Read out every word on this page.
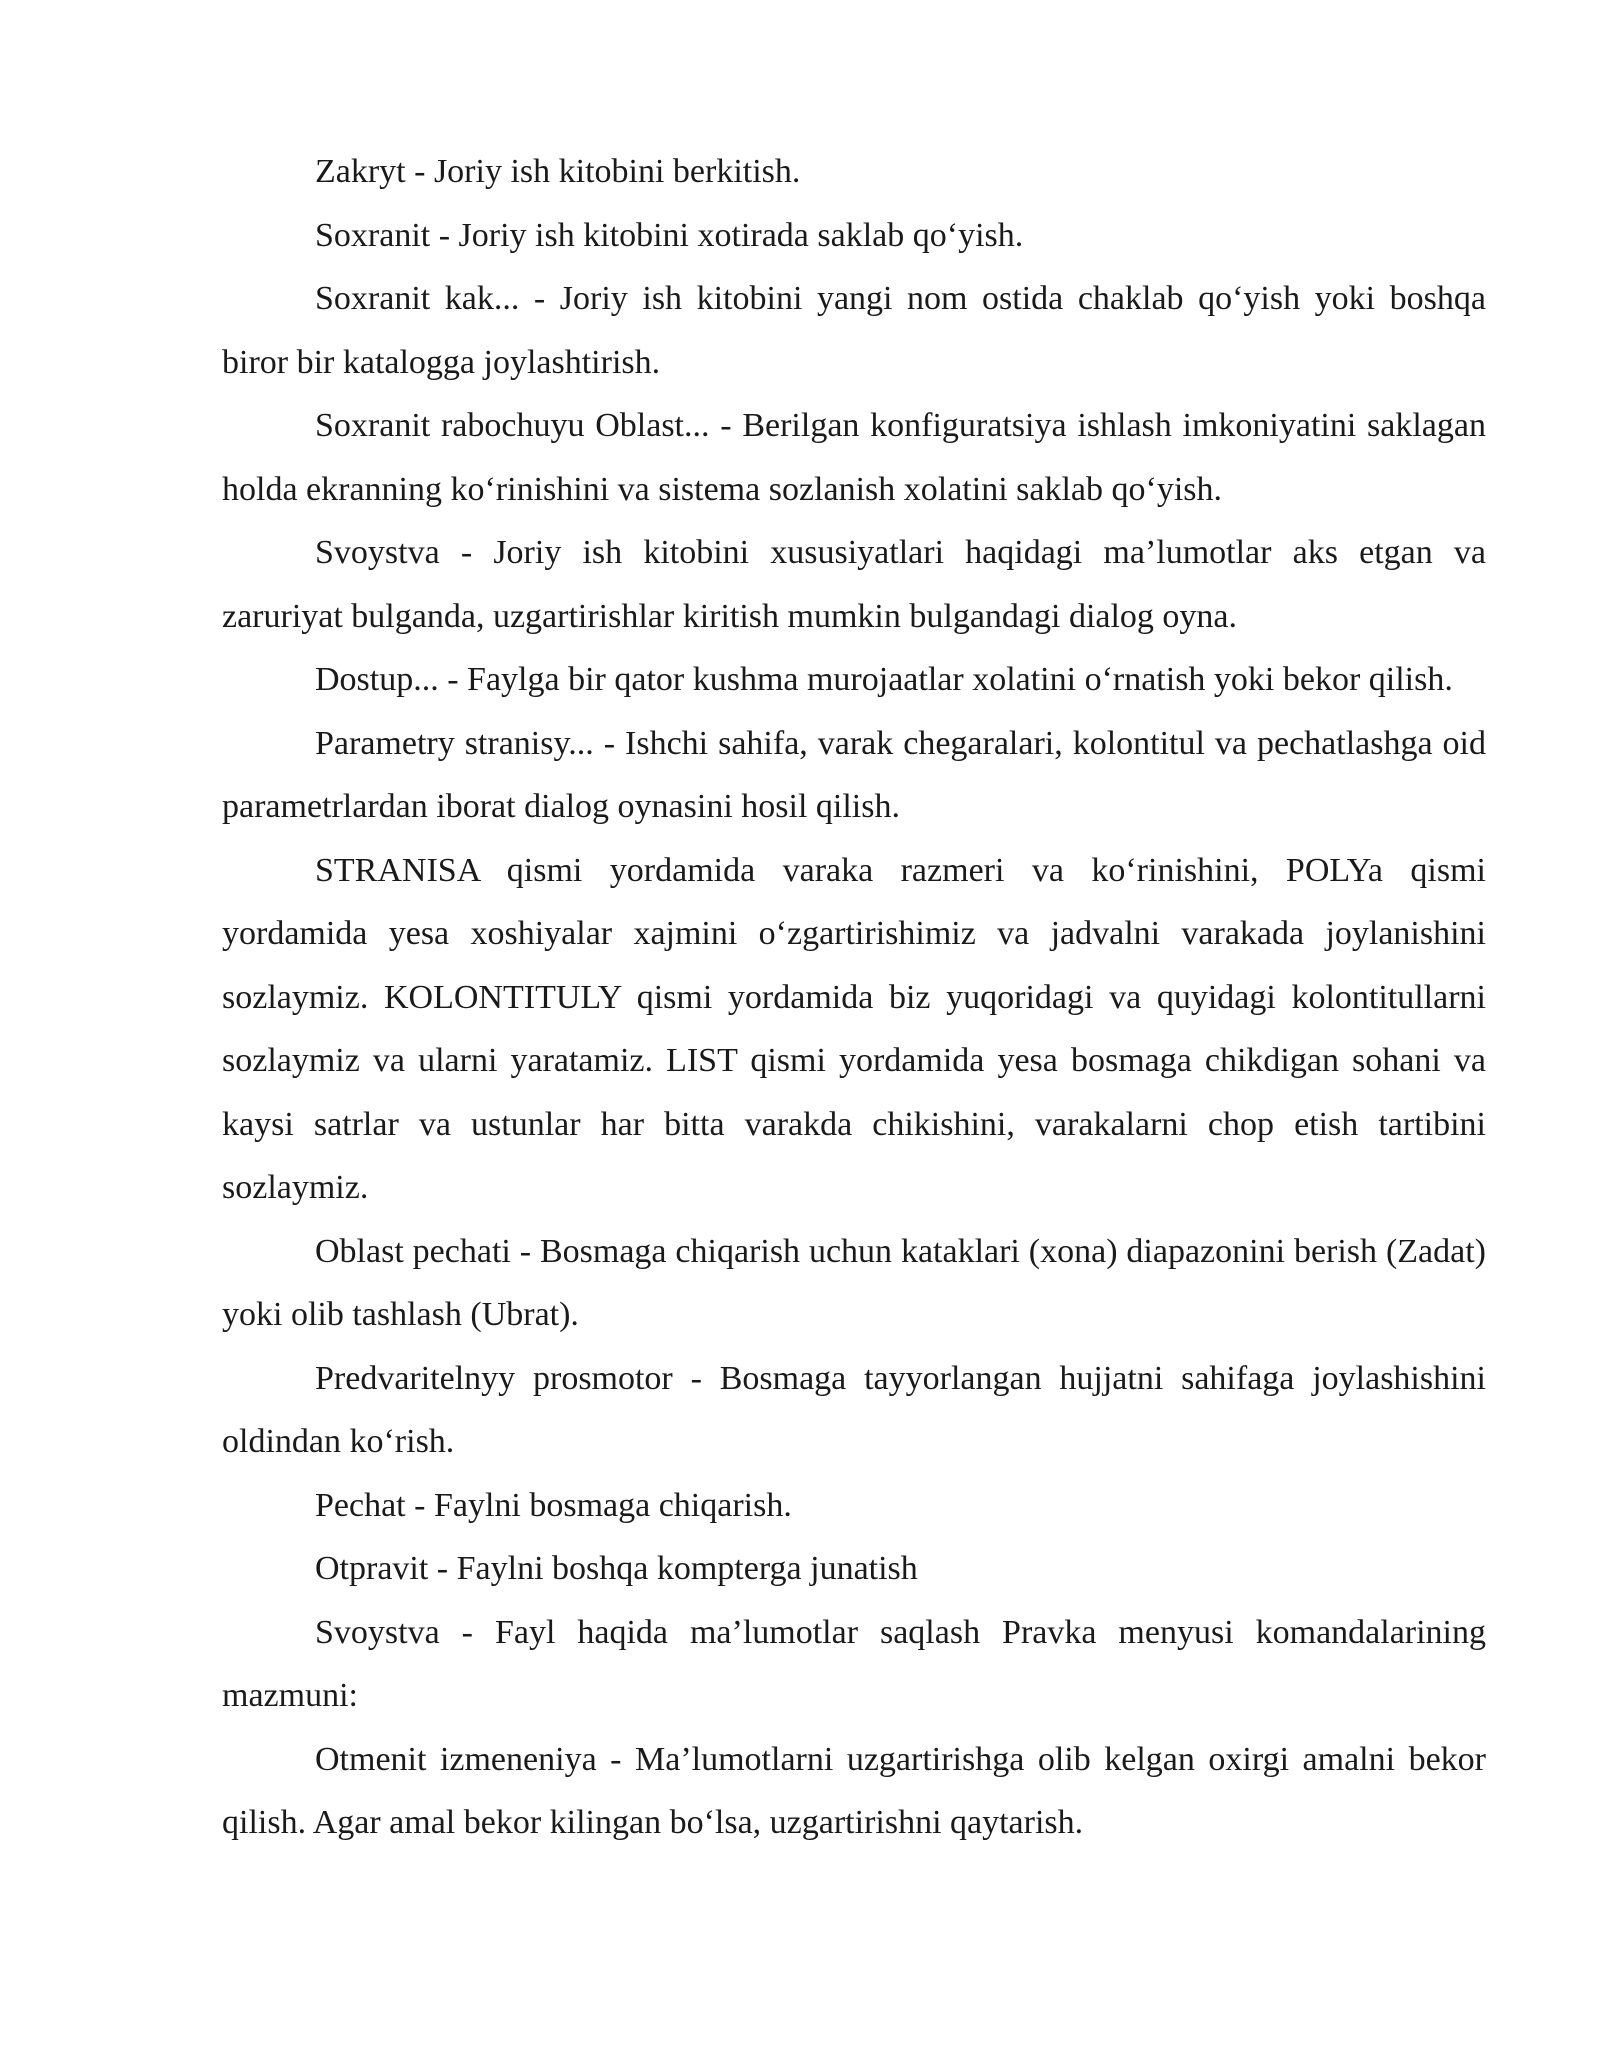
Zakryt - Joriy ish kitobini berkitish.

Soxranit - Joriy ish kitobini xotirada saklab qo‘yish.

Soxranit kak... - Joriy ish kitobini yangi nom ostida chaklab qo‘yish yoki boshqa biror bir katalogga joylashtirish.

Soxranit rabochuyu Oblast... - Berilgan konfiguratsiya ishlash imkoniyatini saklagan holda ekranning ko‘rinishini va sistema sozlanish xolatini saklab qo‘yish.

Svoystva - Joriy ish kitobini xususiyatlari haqidagi ma’lumotlar aks etgan va zaruriyat bulganda, uzgartirishlar kiritish mumkin bulgandagi dialog oyna.

Dostup... - Faylga bir qator kushma murojaatlar xolatini o‘rnatish yoki bekor qilish.

Parametry stranisy... - Ishchi sahifa, varak chegaralari, kolontitul va pechatlashga oid parametrlardan iborat dialog oynasini hosil qilish.

STRANISA qismi yordamida varaka razmeri va ko‘rinishini, POLYa qismi yordamida yesa xoshiyalar xajmini o‘zgartirishimiz va jadvalni varakada joylanishini sozlaymiz. KOLONTITULY qismi yordamida biz yuqoridagi va quyidagi kolontitullarni sozlaymiz va ularni yaratamiz. LIST qismi yordamida yesa bosmaga chikdigan sohani va kaysi satrlar va ustunlar har bitta varakda chikishini, varakalarni chop etish tartibini sozlaymiz.

Oblast pechati - Bosmaga chiqarish uchun kataklari (xona) diapazonini berish (Zadat) yoki olib tashlash (Ubrat).

Predvaritelnyy prosmotor - Bosmaga tayyorlangan hujjatni sahifaga joylashishini oldindan ko‘rish.

Pechat - Faylni bosmaga chiqarish.

Otpravit - Faylni boshqa kompterga junatish

Svoystva - Fayl haqida ma’lumotlar saqlash Pravka menyusi komandalarining mazmuni:

Otmenit izmeneniya - Ma’lumotlarni uzgartirishga olib kelgan oxirgi amalni bekor qilish. Agar amal bekor kilingan bo‘lsa, uzgartirishni qaytarish.
